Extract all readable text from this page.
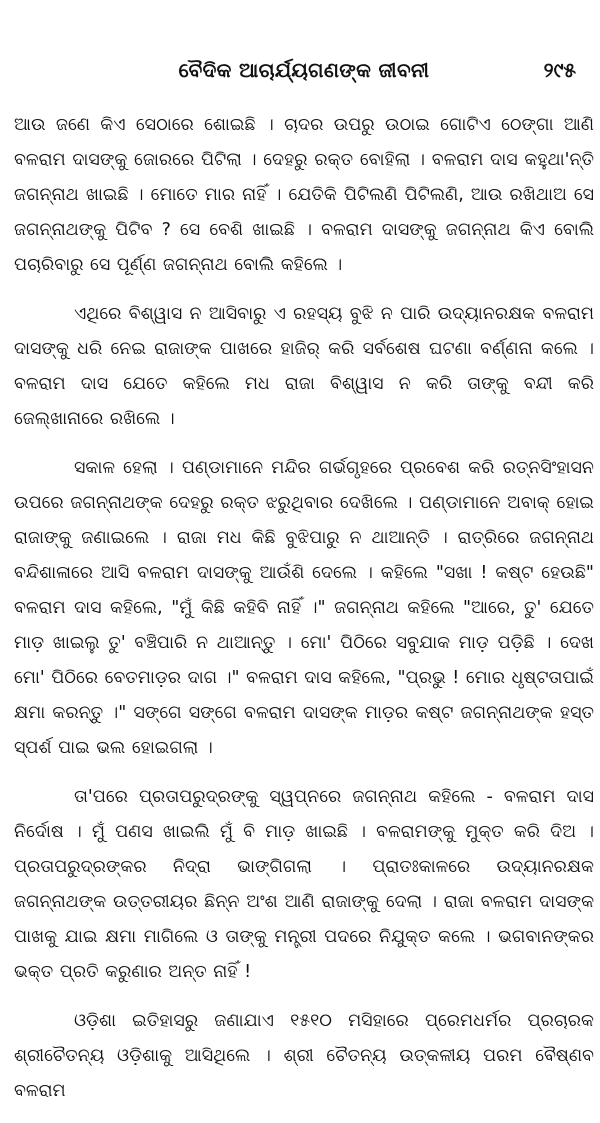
ବୈଦିକ ଆଚାର୍ଯ୍ୟଗଣଙ୍କ ଜୀବନୀ	୨୯୫

ଆଉ ଜଣେ କିଏ ସେଠାରେ ଶୋଇଛି । ଚାଦର ଉପରୁ ଉଠାଇ ଗୋଟିଏ ଠେଙ୍ଗା ଆଣି ବଳରାମ ଦାସଙ୍କୁ ଜୋରରେ ପିଟିଲା । ଦେହରୁ ରକ୍ତ ବୋହିଲା । ବଳରାମ ଦାସ କହୁଥା'ନ୍ତି ଜଗନ୍ନାଥ ଖାଇଛି । ମୋତେ ମାର ନାହିଁ । ଯେତିକି ପିଟିଲଣି ପିଟିଲଣି, ଆଉ ରଖିଥାଅ ସେ ଜଗନ୍ନାଥଙ୍କୁ ପିଟିବ ? ସେ ବେଶି ଖାଇଛି । ବଳରାମ ଦାସଙ୍କୁ ଜଗନ୍ନାଥ କିଏ ବୋଲି ପଚାରିବାରୁ ସେ ପୂର୍ଣ୍ଣ ଜଗନ୍ନାଥ ବୋଲି କହିଲେ ।

ଏଥିରେ ବିଶ୍ୱାସ ନ ଆସିବାରୁ ଏ ରହସ୍ୟ ବୁଝି ନ ପାରି ଉଦ୍ୟାନରକ୍ଷକ ବଳରାମ ଦାସଙ୍କୁ ଧରି ନେଇ ରାଜାଙ୍କ ପାଖରେ ହାଜିର୍ କରି ସର୍ବଶେଷ ଘଟଣା ବର୍ଣ୍ଣନା କଲେ । ବଳରାମ ଦାସ ଯେତେ କହିଲେ ମଧ ରାଜା ବିଶ୍ୱାସ ନ କରି ତାଙ୍କୁ ବନ୍ଦୀ କରି ଜେଲ୍ଖାନାରେ ରଖିଲେ ।

ସକାଳ ହେଲା । ପଣ୍ଡାମାନେ ମନ୍ଦିର ଗର୍ଭଗୃହରେ ପ୍ରବେଶ କରି ରତ୍ନସିଂହାସନ ଉପରେ ଜଗନ୍ନାଥଙ୍କ ଦେହରୁ ରକ୍ତ ଝରୁଥିବାର ଦେଖିଲେ । ପଣ୍ଡାମାନେ ଅବାକ୍ ହୋଇ ରାଜାଙ୍କୁ ଜଣାଇଲେ । ରାଜା ମଧ କିଛି ବୁଝିପାରୁ ନ ଥାଆନ୍ତି । ରାତ୍ରିରେ ଜଗନ୍ନାଥ ବନ୍ଦିଶାଳାରେ ଆସି ବଳରାମ ଦାସଙ୍କୁ ଆଉଁଶି ଦେଲେ । କହିଲେ "ସଖା ! କଷ୍ଟ ହେଉଛି" ବଳରାମ ଦାସ କହିଲେ, "ମୁଁ କିଛି କହିବି ନାହିଁ ।" ଜଗନ୍ନାଥ କହିଲେ "ଆରେ, ତୁ' ଯେତେ ମାଡ଼ ଖାଇଲୁ ତୁ' ବଞ୍ଚିପାରି ନ ଥାଆନ୍ତୁ । ମୋ' ପିଠିରେ ସବୁଯାକ ମାଡ଼ ପଡ଼ିଛି । ଦେଖ ମୋ' ପିଠିରେ ବେତମାଡ଼ର ଦାଗ ।" ବଳରାମ ଦାସ କହିଲେ, "ପ୍ରଭୁ ! ମୋର ଧୃଷ୍ଟତାପାଇଁ କ୍ଷମା କରନ୍ତୁ ।" ସଙ୍ଗେ ସଙ୍ଗେ ବଳରାମ ଦାସଙ୍କ ମାଡ଼ର କଷ୍ଟ ଜଗନ୍ନାଥଙ୍କ ହସ୍ତ ସ୍ପର୍ଶ ପାଇ ଭଲ ହୋଇଗଲା ।

ତା'ପରେ ପ୍ରତାପରୁଦ୍ରଙ୍କୁ ସ୍ୱପ୍ନରେ ଜଗନ୍ନାଥ କହିଲେ - ବଳରାମ ଦାସ ନିର୍ଦୋଷ । ମୁଁ ପଣସ ଖାଇଲି ମୁଁ ବି ମାଡ଼ ଖାଇଛି । ବଳରାମଙ୍କୁ ମୁକ୍ତ କରି ଦିଅ । ପ୍ରତାପରୁଦ୍ରଙ୍କର ନିଦ୍ରା ଭାଙ୍ଗିଗଲା । ପ୍ରାତଃକାଳରେ ଉଦ୍ୟାନରକ୍ଷକ ଜଗନ୍ନାଥଙ୍କ ଉତ୍ତରୀୟର ଛିନ୍ନ ଅଂଶ ଆଣି ରାଜାଙ୍କୁ ଦେଲା । ରାଜା ବଳରାମ ଦାସଙ୍କ ପାଖକୁ ଯାଇ କ୍ଷମା ମାଗିଲେ ଓ ତାଙ୍କୁ ମନ୍ତ୍ରୀ ପଦରେ ନିଯୁକ୍ତ କଲେ । ଭଗବାନଙ୍କର ଭକ୍ତ ପ୍ରତି କରୁଣାର ଅନ୍ତ ନାହିଁ !

ଓଡ଼ିଶା ଇତିହାସରୁ ଜଣାଯାଏ ୧୫୧୦ ମସିହାରେ ପ୍ରେମଧର୍ମର ପ୍ରଚାରକ ଶ୍ରୀଚୈତନ୍ୟ ଓଡ଼ିଶାକୁ ଆସିଥିଲେ । ଶ୍ରୀ ଚୈତନ୍ୟ ଉତ୍କଳୀୟ ପରମ ବୈଷ୍ଣବ ବଳରାମ
